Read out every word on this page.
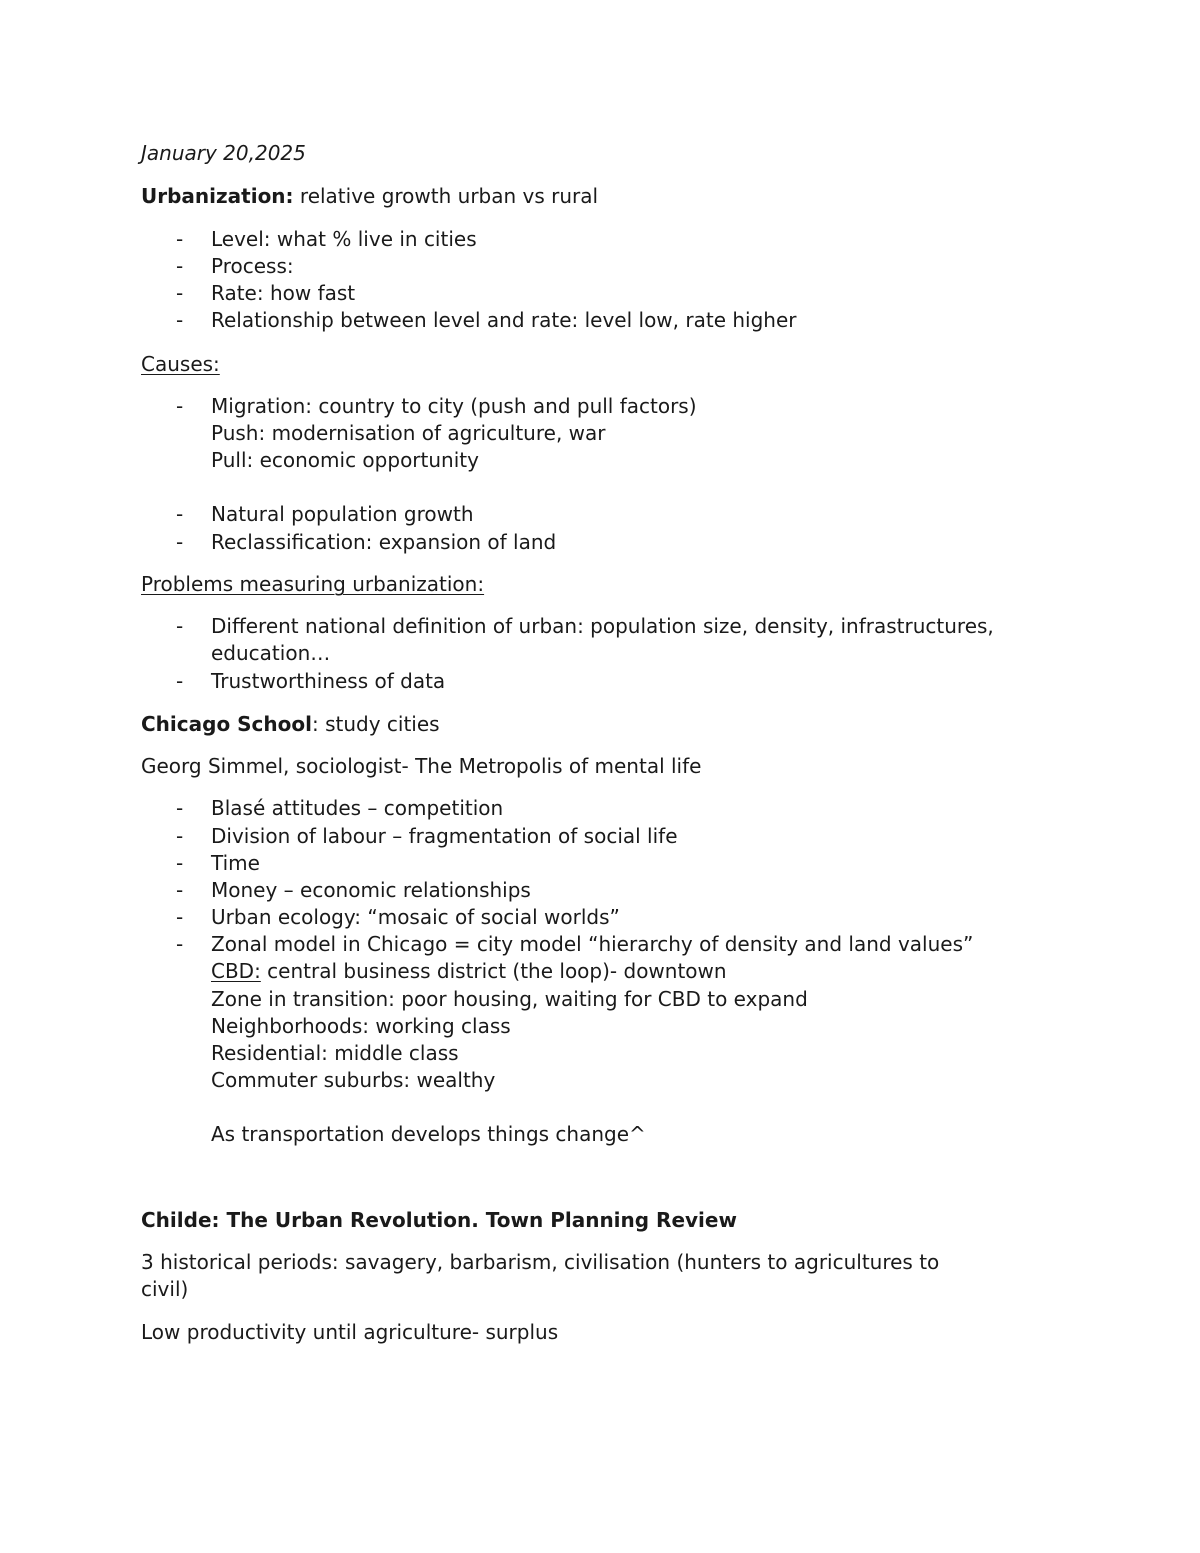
January 20,2025
Urbanization: relative growth urban vs rural
- Level: what % live in cities
- Process:
- Rate: how fast
- Relationship between level and rate: level low, rate higher
Causes:
- Migration: country to city (push and pull factors)
Push: modernisation of agriculture, war
Pull: economic opportunity
- Natural population growth
- Reclassification: expansion of land
Problems measuring urbanization:
- Different national definition of urban: population size, density, infrastructures,
education…
- Trustworthiness of data
Chicago School: study cities
Georg Simmel, sociologist- The Metropolis of mental life
- Blasé attitudes – competition
- Division of labour – fragmentation of social life
- Time
- Money – economic relationships
- Urban ecology: “mosaic of social worlds”
- Zonal model in Chicago = city model “hierarchy of density and land values”
CBD: central business district (the loop)- downtown
Zone in transition: poor housing, waiting for CBD to expand
Neighborhoods: working class
Residential: middle class
Commuter suburbs: wealthy
As transportation develops things change^
Childe: The Urban Revolution. Town Planning Review
3 historical periods: savagery, barbarism, civilisation (hunters to agricultures to
civil)
Low productivity until agriculture- surplus
